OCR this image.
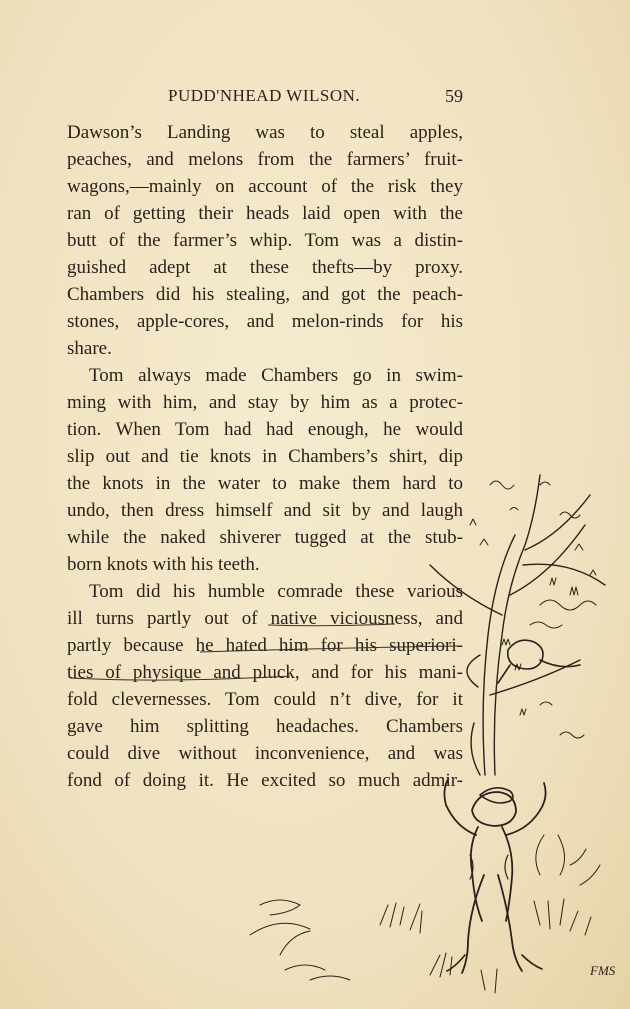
PUDD'NHEAD WILSON.	59
Dawson’s Landing was to steal apples,
peaches, and melons from the farmers’ fruit-
wagons,—mainly on account of the risk they
ran of getting their heads laid open with the
butt of the farmer’s whip. Tom was a distin-
guished adept at these thefts—by proxy.
Chambers did his stealing, and got the peach-
stones, apple-cores, and melon-rinds for his
share.
Tom always made Chambers go in swim-
ming with him, and stay by him as a protec-
tion. When Tom had had enough, he would
slip out and tie knots in Chambers’s shirt, dip
the knots in the water to make them hard to
undo, then dress himself and sit by and laugh
while the naked shiverer tugged at the stub-
born knots with his teeth.
Tom did his humble comrade these various
ill turns partly out of native viciousness, and
partly because he hated him for his superiori-
ties of physique and pluck, and for his mani-
fold clevernesses. Tom could n’t dive, for it
gave him splitting headaches. Chambers
could dive without inconvenience, and was
fond of doing it. He excited so much admir-
FMS
